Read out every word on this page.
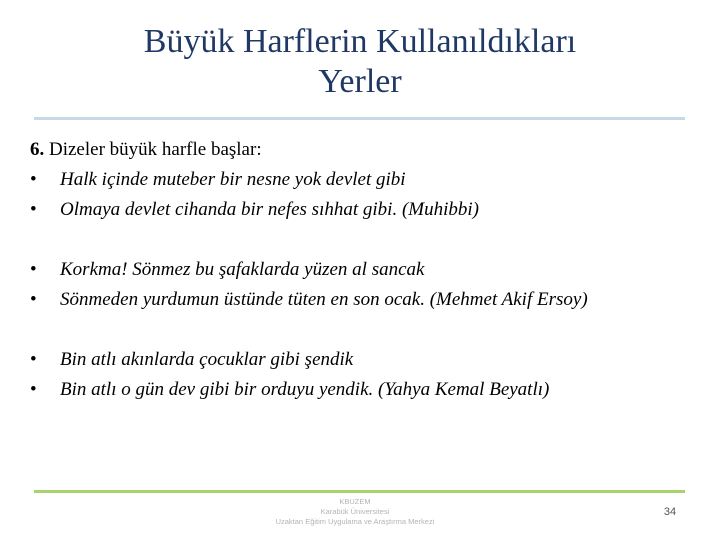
Büyük Harflerin Kullanıldıkları
Yerler

6. Dizeler büyük harfle başlar:

• Halk içinde muteber bir nesne yok devlet gibi

• Olmaya devlet cihanda bir nefes sıhhat gibi. (Muhibbi)

• Korkma! Sönmez bu şafaklarda yüzen al sancak

• Sönmeden yurdumun üstünde tüten en son ocak. (Mehmet Akif Ersoy)

• Bin atlı akınlarda çocuklar gibi şendik

• Bin atlı o gün dev gibi bir orduyu yendik. (Yahya Kemal Beyatlı)

KBUZEM
Karabük Üniversitesi
Uzaktan Eğitim Uygulama ve Araştırma Merkezi
34
